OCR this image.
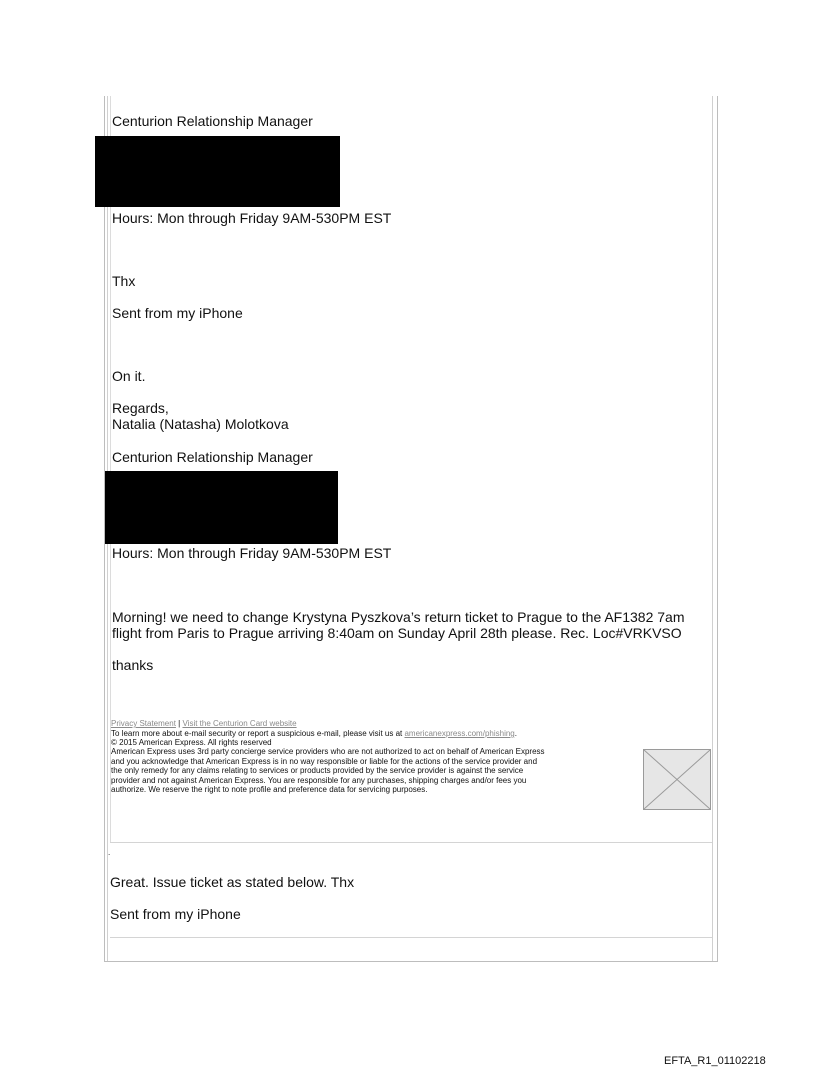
Centurion Relationship Manager

Hours: Mon through Friday 9AM-530PM EST

Thx

Sent from my iPhone

On it.

Regards,

Natalia (Natasha) Molotkova

Centurion Relationship Manager

Hours: Mon through Friday 9AM-530PM EST

Morning! we need to change Krystyna Pyszkova’s return ticket to Prague to the AF1382 7am

flight from Paris to Prague arriving 8:40am on Sunday April 28th please. Rec. Loc#VRKVSO

thanks

Privacy Statement | Visit the Centurion Card website

To learn more about e-mail security or report a suspicious e-mail, please visit us at americanexpress.com/phishing.

© 2015 American Express. All rights reserved

American Express uses 3rd party concierge service providers who are not authorized to act on behalf of American Express

and you acknowledge that American Express is in no way responsible or liable for the actions of the service provider and

the only remedy for any claims relating to services or products provided by the service provider is against the service

provider and not against American Express. You are responsible for any purchases, shipping charges and/or fees you

authorize. We reserve the right to note profile and preference data for servicing purposes.

.

Great. Issue ticket as stated below. Thx

Sent from my iPhone

EFTA_R1_01102218
